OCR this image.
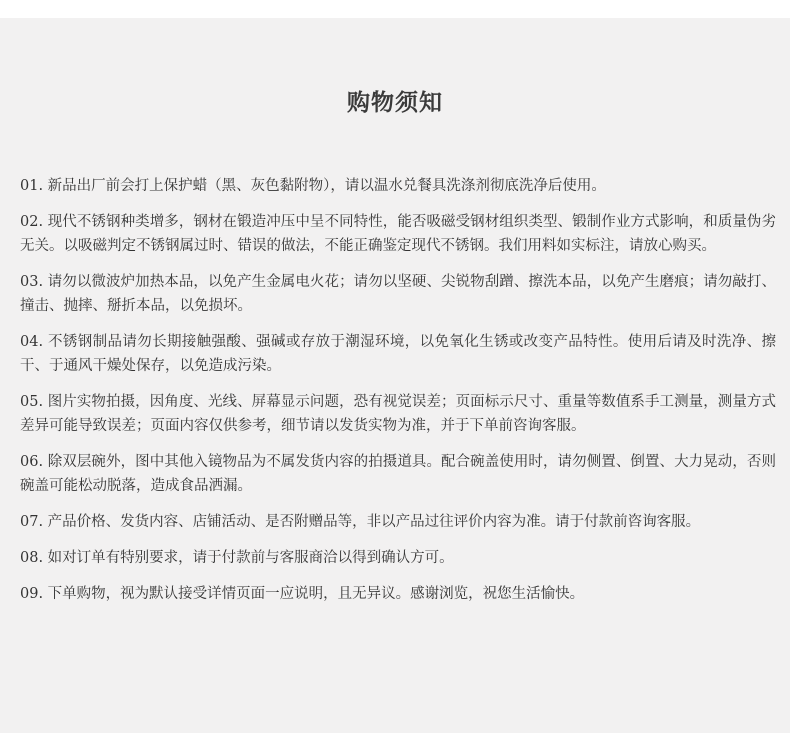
购物须知
01. 新品出厂前会打上保护蜡（黑、灰色黏附物），请以温水兑餐具洗涤剂彻底洗净后使用。
02. 现代不锈钢种类增多，钢材在锻造冲压中呈不同特性，能否吸磁受钢材组织类型、锻制作业方式影响，和质量伪劣无关。以吸磁判定不锈钢属过时、错误的做法，不能正确鉴定现代不锈钢。我们用料如实标注，请放心购买。
03. 请勿以微波炉加热本品，以免产生金属电火花；请勿以坚硬、尖锐物刮蹭、擦洗本品，以免产生磨痕；请勿敲打、撞击、抛摔、掰折本品，以免损坏。
04. 不锈钢制品请勿长期接触强酸、强碱或存放于潮湿环境，以免氧化生锈或改变产品特性。使用后请及时洗净、擦干、于通风干燥处保存，以免造成污染。
05. 图片实物拍摄，因角度、光线、屏幕显示问题，恐有视觉误差；页面标示尺寸、重量等数值系手工测量，测量方式差异可能导致误差；页面内容仅供参考，细节请以发货实物为准，并于下单前咨询客服。
06. 除双层碗外，图中其他入镜物品为不属发货内容的拍摄道具。配合碗盖使用时，请勿侧置、倒置、大力晃动，否则碗盖可能松动脱落，造成食品洒漏。
07. 产品价格、发货内容、店铺活动、是否附赠品等，非以产品过往评价内容为准。请于付款前咨询客服。
08. 如对订单有特别要求，请于付款前与客服商洽以得到确认方可。
09. 下单购物，视为默认接受详情页面一应说明，且无异议。感谢浏览，祝您生活愉快。
